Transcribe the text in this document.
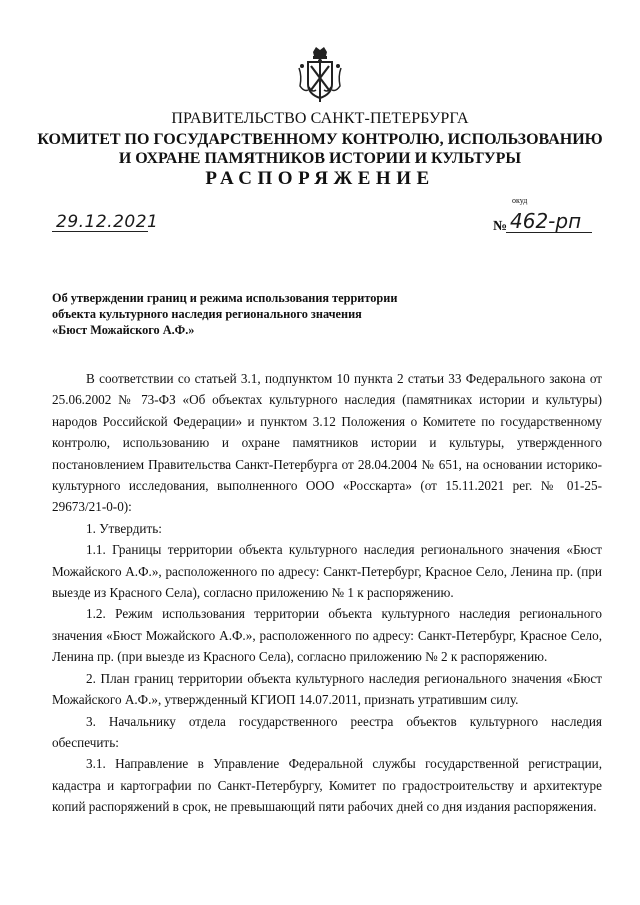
ПРАВИТЕЛЬСТВО САНКТ-ПЕТЕРБУРГА
КОМИТЕТ ПО ГОСУДАРСТВЕННОМУ КОНТРОЛЮ, ИСПОЛЬЗОВАНИЮ
И ОХРАНЕ ПАМЯТНИКОВ ИСТОРИИ И КУЛЬТУРЫ
РАСПОРЯЖЕНИЕ
окуд
29.12.2021	№ 462-рп
Об утверждении границ и режима использования территории
объекта культурного наследия регионального значения
«Бюст Можайского А.Ф.»

В соответствии со статьей 3.1, подпунктом 10 пункта 2 статьи 33 Федерального закона от 25.06.2002 № 73-ФЗ «Об объектах культурного наследия (памятниках истории и культуры) народов Российской Федерации» и пунктом 3.12 Положения о Комитете по государственному контролю, использованию и охране памятников истории и культуры, утвержденного постановлением Правительства Санкт-Петербурга от 28.04.2004 № 651, на основании историко-культурного исследования, выполненного ООО «Росскарта» (от 15.11.2021 рег. № 01-25-29673/21-0-0):

1. Утвердить:

1.1. Границы территории объекта культурного наследия регионального значения «Бюст Можайского А.Ф.», расположенного по адресу: Санкт-Петербург, Красное Село, Ленина пр. (при выезде из Красного Села), согласно приложению № 1 к распоряжению.

1.2. Режим использования территории объекта культурного наследия регионального значения «Бюст Можайского А.Ф.», расположенного по адресу: Санкт-Петербург, Красное Село, Ленина пр. (при выезде из Красного Села), согласно приложению № 2 к распоряжению.

2. План границ территории объекта культурного наследия регионального значения «Бюст Можайского А.Ф.», утвержденный КГИОП 14.07.2011, признать утратившим силу.

3. Начальнику отдела государственного реестра объектов культурного наследия обеспечить:

3.1. Направление в Управление Федеральной службы государственной регистрации, кадастра и картографии по Санкт-Петербургу, Комитет по градостроительству и архитектуре копий распоряжений в срок, не превышающий пяти рабочих дней со дня издания распоряжения.
